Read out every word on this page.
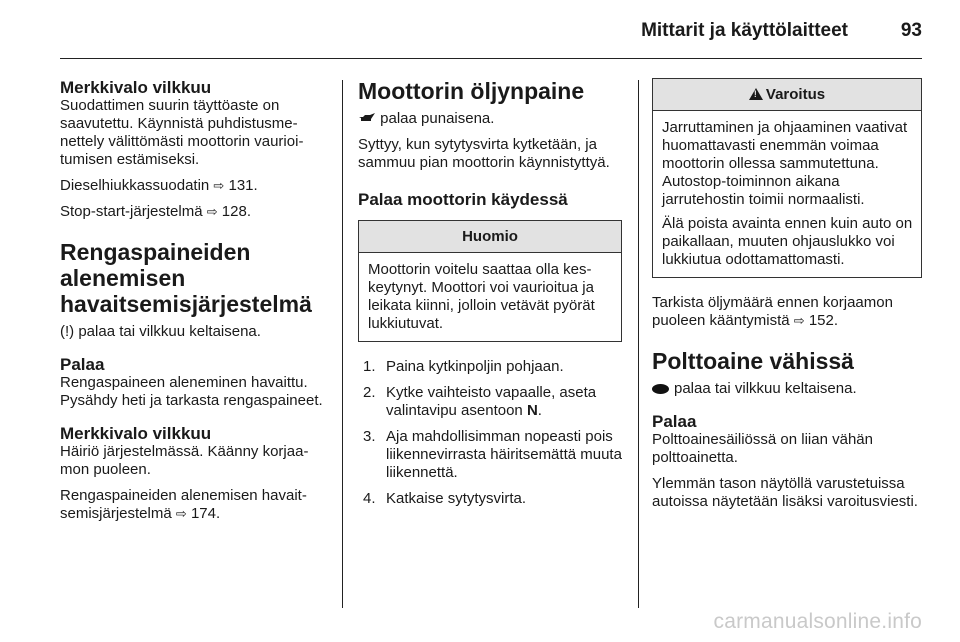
Mittarit ja käyttölaitteet	93
Merkkivalo vilkkuu

Suodattimen suurin täyttöaste on saavutettu. Käynnistä puhdistusmenettely välittömästi moottorin vaurioitumisen estämiseksi.

Dieselhiukkassuodatin ⇨ 131.

Stop-start-järjestelmä ⇨ 128.

Rengaspaineiden alenemisen havaitsemisjärjestelmä

(!) palaa tai vilkkuu keltaisena.

Palaa

Rengaspaineen aleneminen havaittu. Pysähdy heti ja tarkasta rengaspaineet.

Merkkivalo vilkkuu

Häiriö järjestelmässä. Käänny korjaamon puoleen.

Rengaspaineiden alenemisen havaitsemisjärjestelmä ⇨ 174.

Moottorin öljynpaine

palaa punaisena.

Syttyy, kun sytytysvirta kytketään, ja sammuu pian moottorin käynnistyttyä.

Palaa moottorin käydessä
Huomio

Moottorin voitelu saattaa olla keskeytynyt. Moottori voi vaurioitua ja leikata kiinni, jolloin vetävät pyörät lukkiutuvat.

1. Paina kytkinpoljin pohjaan.
2. Kytke vaihteisto vapaalle, aseta valintavipu asentoon N.
3. Aja mahdollisimman nopeasti pois liikennevirrasta häiritsemättä muuta liikennettä.
4. Katkaise sytytysvirta.
!Varoitus

Jarruttaminen ja ohjaaminen vaativat huomattavasti enemmän voimaa moottorin ollessa sammutettuna. Autostop-toiminnon aikana jarrutehostin toimii normaalisti.

Älä poista avainta ennen kuin auto on paikallaan, muuten ohjauslukko voi lukkiutua odottamattomasti.

Tarkista öljymäärä ennen korjaamon puoleen kääntymistä ⇨ 152.

Polttoaine vähissä

palaa tai vilkkuu keltaisena.

Palaa

Polttoainesäiliössä on liian vähän polttoainetta.

Ylemmän tason näytöllä varustetuissa autoissa näytetään lisäksi varoitusviesti.

carmanualsonline.info
